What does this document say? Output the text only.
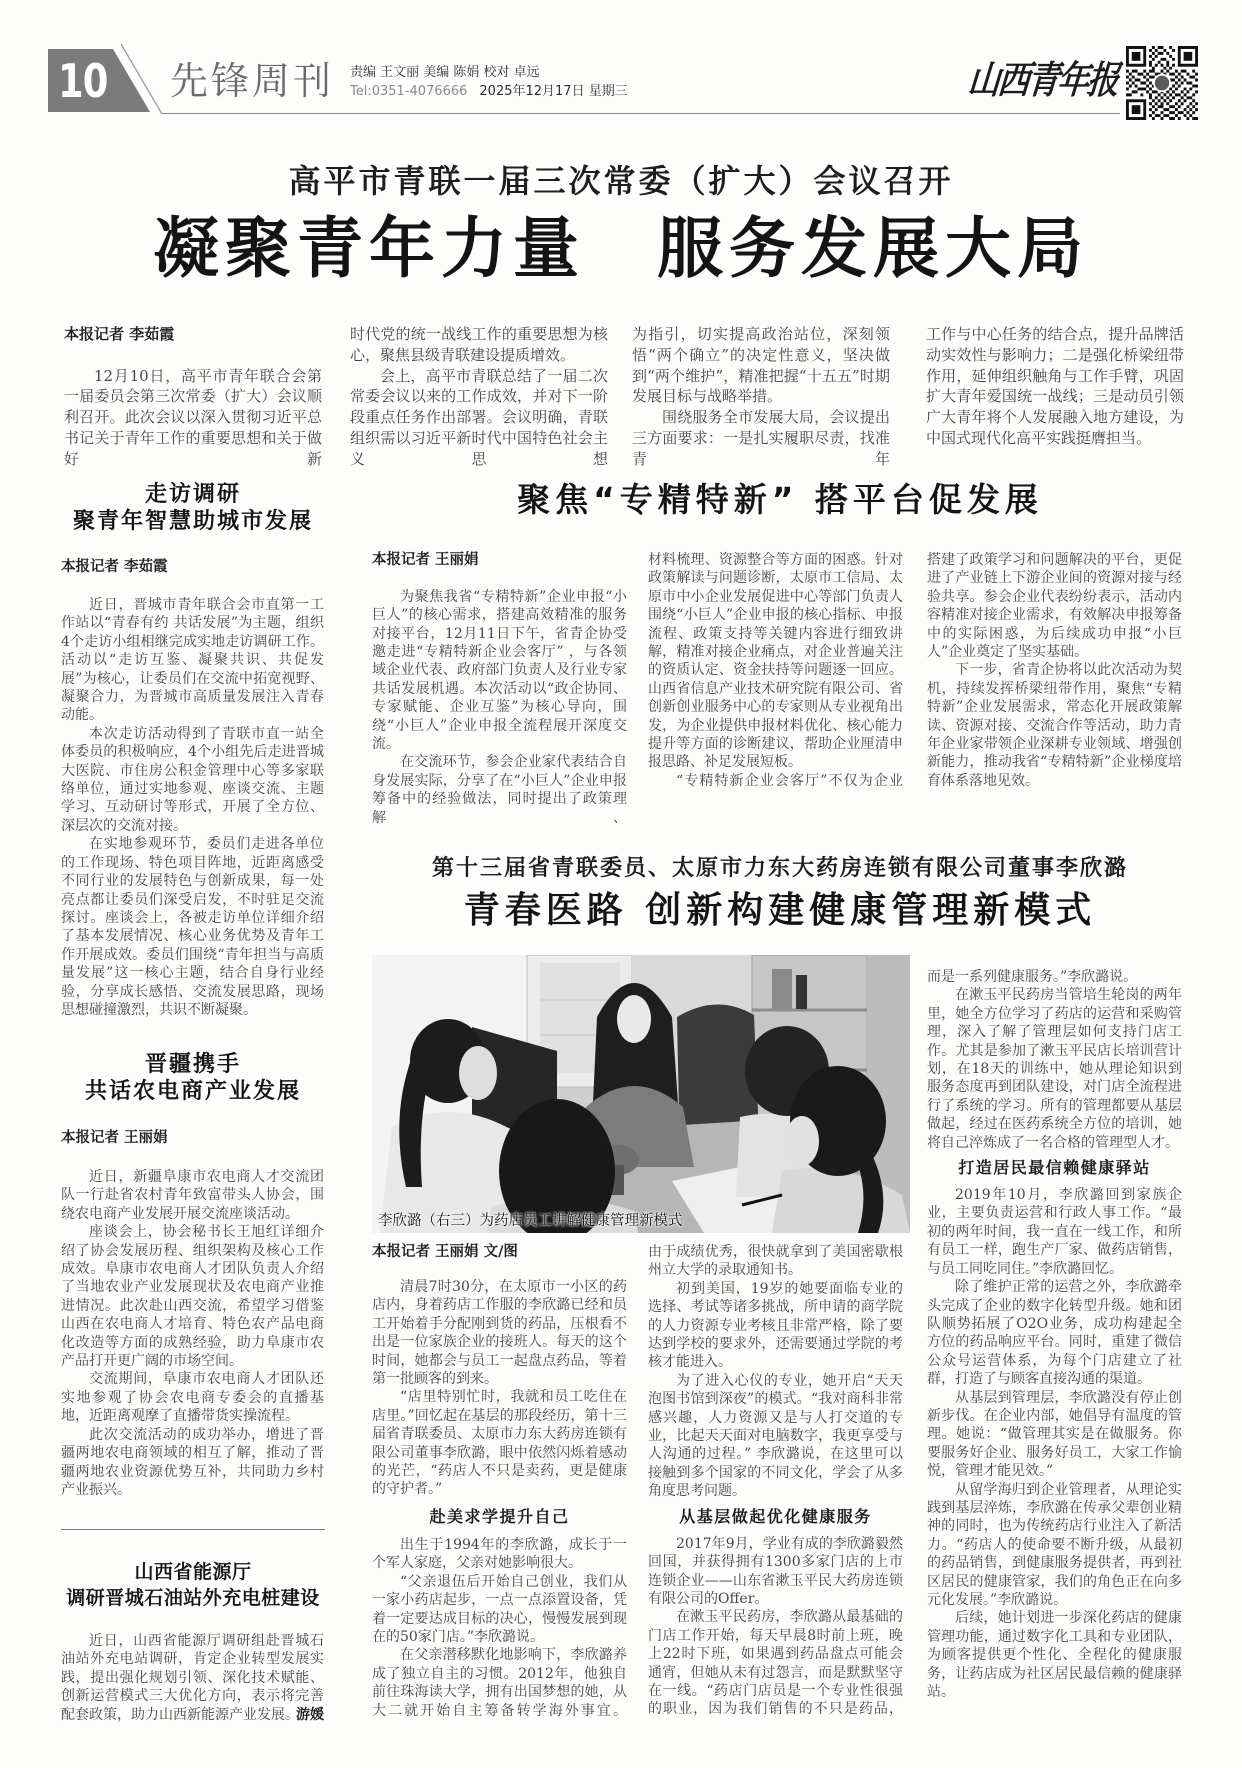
10 先锋周刊 责编 王文丽 美编 陈娟 校对 卓远
Tel:0351-4076666 2025年12月17日 星期三	山西青年报
高平市青联一届三次常委（扩大）会议召开
凝聚青年力量　服务发展大局
本报记者 李茹霞

12月10日，高平市青年联合会第一届委员会第三次常委（扩大）会议顺利召开。此次会议以深入贯彻习近平总书记关于青年工作的重要思想和关于做好新

时代党的统一战线工作的重要思想为核心，聚焦县级青联建设提质增效。

会上，高平市青联总结了一届二次常委会议以来的工作成效，并对下一阶段重点任务作出部署。会议明确，青联组织需以习近平新时代中国特色社会主义思想

为指引，切实提高政治站位，深刻领悟“两个确立”的决定性意义，坚决做到“两个维护”，精准把握“十五五”时期发展目标与战略举措。

围绕服务全市发展大局，会议提出三方面要求：一是扎实履职尽责，找准青年

工作与中心任务的结合点，提升品牌活动实效性与影响力；二是强化桥梁纽带作用，延伸组织触角与工作手臂，巩固扩大青年爱国统一战线；三是动员引领广大青年将个人发展融入地方建设，为中国式现代化高平实践挺膺担当。

走访调研
聚青年智慧助城市发展
本报记者 李茹霞

近日，晋城市青年联合会市直第一工作站以“青春有约 共话发展”为主题，组织4个走访小组相继完成实地走访调研工作。活动以“走访互鉴、凝聚共识、共促发展”为核心，让委员们在交流中拓宽视野、凝聚合力，为晋城市高质量发展注入青春动能。

本次走访活动得到了青联市直一站全体委员的积极响应，4个小组先后走进晋城大医院、市住房公积金管理中心等多家联络单位，通过实地参观、座谈交流、主题学习、互动研讨等形式，开展了全方位、深层次的交流对接。

在实地参观环节，委员们走进各单位的工作现场、特色项目阵地，近距离感受不同行业的发展特色与创新成果，每一处亮点都让委员们深受启发，不时驻足交流探讨。座谈会上，各被走访单位详细介绍了基本发展情况、核心业务优势及青年工作开展成效。委员们围绕“青年担当与高质量发展”这一核心主题，结合自身行业经验，分享成长感悟、交流发展思路，现场思想碰撞激烈，共识不断凝聚。

晋疆携手
共话农电商产业发展
本报记者 王丽娟

近日，新疆阜康市农电商人才交流团队一行赴省农村青年致富带头人协会，围绕农电商产业发展开展交流座谈活动。

座谈会上，协会秘书长王旭红详细介绍了协会发展历程、组织架构及核心工作成效。阜康市农电商人才团队负责人介绍了当地农业产业发展现状及农电商产业推进情况。此次赴山西交流，希望学习借鉴山西在农电商人才培育、特色农产品电商化改造等方面的成熟经验，助力阜康市农产品打开更广阔的市场空间。

交流期间，阜康市农电商人才团队还实地参观了协会农电商专委会的直播基地，近距离观摩了直播带货实操流程。

此次交流活动的成功举办，增进了晋疆两地农电商领域的相互了解，推动了晋疆两地农业资源优势互补，共同助力乡村产业振兴。

山西省能源厅
调研晋城石油站外充电桩建设

近日，山西省能源厅调研组赴晋城石油站外充电站调研，肯定企业转型发展实践，提出强化规划引领、深化技术赋能、创新运营模式三大优化方向，表示将完善配套政策，助力山西新能源产业发展。

游媛
聚焦“专精特新” 搭平台促发展
本报记者 王丽娟

为聚焦我省“专精特新”企业申报“小巨人”的核心需求，搭建高效精准的服务对接平台，12月11日下午，省青企协受邀走进“专精特新企业会客厅” ，与各领域企业代表、政府部门负责人及行业专家共话发展机遇。本次活动以“政企协同、专家赋能、企业互鉴”为核心导向，围绕“小巨人”企业申报全流程展开深度交流。

在交流环节，参会企业家代表结合自身发展实际，分享了在“小巨人”企业申报筹备中的经验做法，同时提出了政策理解、

材料梳理、资源整合等方面的困惑。针对政策解读与问题诊断，太原市工信局、太原市中小企业发展促进中心等部门负责人围绕“小巨人”企业申报的核心指标、申报流程、政策支持等关键内容进行细致讲解，精准对接企业痛点，对企业普遍关注的资质认定、资金扶持等问题逐一回应。山西省信息产业技术研究院有限公司、省创新创业服务中心的专家则从专业视角出发，为企业提供申报材料优化、核心能力提升等方面的诊断建议，帮助企业厘清申报思路、补足发展短板。

“专精特新企业会客厅”不仅为企业

搭建了政策学习和问题解决的平台，更促进了产业链上下游企业间的资源对接与经验共享。参会企业代表纷纷表示，活动内容精准对接企业需求，有效解决申报筹备中的实际困惑，为后续成功申报“小巨人”企业奠定了坚实基础。

下一步，省青企协将以此次活动为契机，持续发挥桥梁纽带作用，聚焦“专精特新”企业发展需求，常态化开展政策解读、资源对接、交流合作等活动，助力青年企业家带领企业深耕专业领域、增强创新能力，推动我省“专精特新”企业梯度培育体系落地见效。

第十三届省青联委员、太原市力东大药房连锁有限公司董事李欣潞
青春医路 创新构建健康管理新模式
李欣潞（右三）为药店员工讲解健康管理新模式
本报记者 王丽娟 文/图

清晨7时30分，在太原市一小区的药店内，身着药店工作服的李欣潞已经和员工开始着手分配刚到货的药品，压根看不出是一位家族企业的接班人。每天的这个时间，她都会与员工一起盘点药品，等着第一批顾客的到来。

“店里特别忙时，我就和员工吃住在店里。”回忆起在基层的那段经历，第十三届省青联委员、太原市力东大药房连锁有限公司董事李欣潞，眼中依然闪烁着感动的光芒，“药店人不只是卖药，更是健康的守护者。”

赴美求学提升自己

出生于1994年的李欣潞，成长于一个军人家庭，父亲对她影响很大。

“父亲退伍后开始自己创业，我们从一家小药店起步，一点一点添置设备，凭着一定要达成目标的决心，慢慢发展到现在的50家门店。”李欣潞说。

在父亲潜移默化地影响下，李欣潞养成了独立自主的习惯。2012年，他独自前往珠海读大学，拥有出国梦想的她，从大二就开始自主筹备转学海外事宜。

由于成绩优秀，很快就拿到了美国密歇根州立大学的录取通知书。

初到美国，19岁的她要面临专业的选择、考试等诸多挑战，所申请的商学院的人力资源专业考核且非常严格，除了要达到学校的要求外，还需要通过学院的考核才能进入。

为了进入心仪的专业，她开启“天天泡图书馆到深夜”的模式。“我对商科非常感兴趣，人力资源又是与人打交道的专业，比起天天面对电脑数字，我更享受与人沟通的过程。” 李欣潞说，在这里可以接触到多个国家的不同文化，学会了从多角度思考问题。

从基层做起优化健康服务

2017年9月，学业有成的李欣潞毅然回国，并获得拥有1300多家门店的上市连锁企业——山东省漱玉平民大药房连锁有限公司的Offer。

在漱玉平民药房，李欣潞从最基础的门店工作开始，每天早晨8时前上班，晚上22时下班，如果遇到药品盘点可能会通宵，但她从未有过怨言，而是默默坚守在一线。“药店门店员是一个专业性很强的职业，因为我们销售的不只是药品，

而是一系列健康服务。”李欣潞说。

在漱玉平民药房当管培生轮岗的两年里，她全方位学习了药店的运营和采购管理，深入了解了管理层如何支持门店工作。尤其是参加了漱玉平民店长培训营计划，在18天的训练中，她从理论知识到服务态度再到团队建设，对门店全流程进行了系统的学习。所有的管理都要从基层做起，经过在医药系统全方位的培训，她将自己淬炼成了一名合格的管理型人才。

打造居民最信赖健康驿站

2019年10月，李欣潞回到家族企业，主要负责运营和行政人事工作。“最初的两年时间，我一直在一线工作，和所有员工一样，跑生产厂家、做药店销售，与员工同吃同住。”李欣潞回忆。

除了维护正常的运营之外，李欣潞牵头完成了企业的数字化转型升级。她和团队顺势拓展了O2O业务，成功构建起全方位的药品响应平台。同时，重建了微信公众号运营体系，为每个门店建立了社群，打造了与顾客直接沟通的渠道。

从基层到管理层，李欣潞没有停止创新步伐。在企业内部，她倡导有温度的管理。她说：“做管理其实是在做服务。你要服务好企业、服务好员工，大家工作愉悦，管理才能见效。”

从留学海归到企业管理者，从理论实践到基层淬炼，李欣潞在传承父辈创业精神的同时，也为传统药店行业注入了新活力。“药店人的使命要不断升级，从最初的药品销售，到健康服务提供者，再到社区居民的健康管家，我们的角色正在向多元化发展。”李欣潞说。

后续，她计划进一步深化药店的健康管理功能，通过数字化工具和专业团队，为顾客提供更个性化、全程化的健康服务，让药店成为社区居民最信赖的健康驿站。
